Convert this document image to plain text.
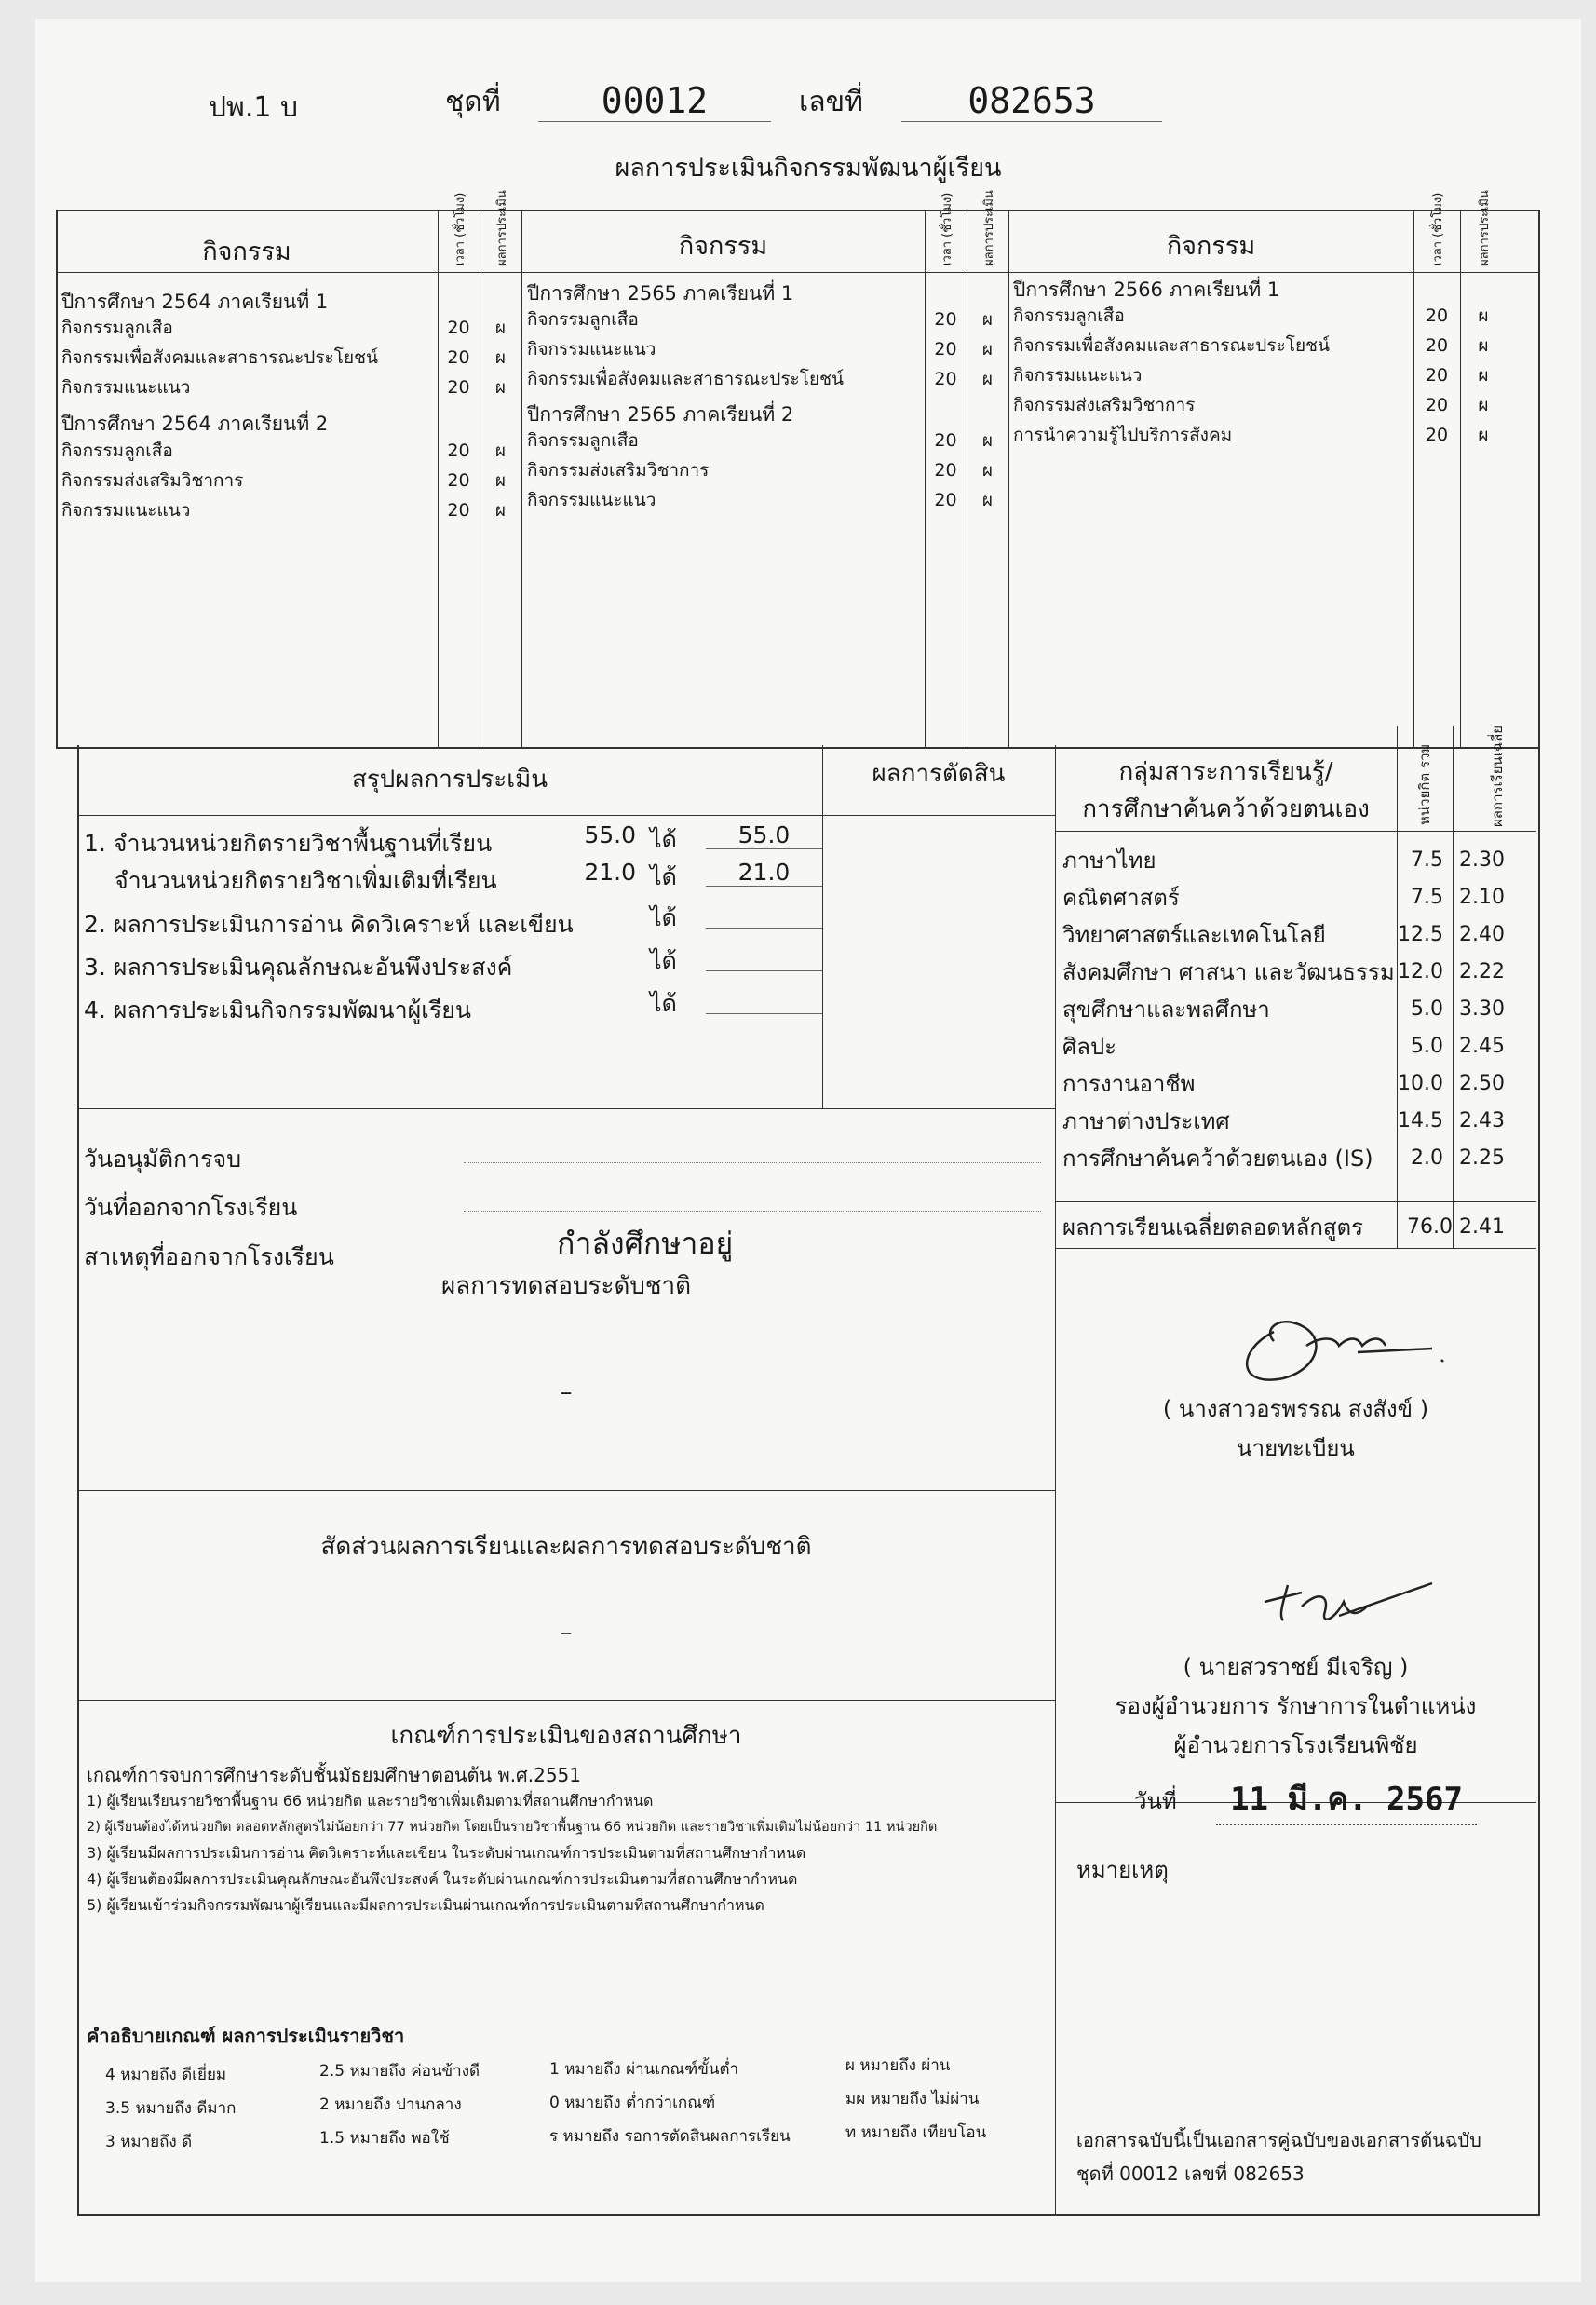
ปพ.1 บ	ชุดที่	00012	เลขที่	082653
ผลการประเมินกิจกรรมพัฒนาผู้เรียน
กิจกรรม	เวลา (ชั่วโมง) ผลการประเมิน	กิจกรรม	เวลา (ชั่วโมง) ผลการประเมิน	กิจกรรม	เวลา (ชั่วโมง)	ผลการประเมิน
ปีการศึกษา 2564 ภาคเรียนที่ 1
กิจกรรมลูกเสือ	20	ผ
กิจกรรมเพื่อสังคมและสาธารณะประโยชน์	20	ผ
กิจกรรมแนะแนว	20	ผ
ปีการศึกษา 2564 ภาคเรียนที่ 2
กิจกรรมลูกเสือ	20	ผ
กิจกรรมส่งเสริมวิชาการ	20	ผ
กิจกรรมแนะแนว	20	ผ
ปีการศึกษา 2565 ภาคเรียนที่ 1
กิจกรรมลูกเสือ	20	ผ
กิจกรรมแนะแนว	20	ผ
กิจกรรมเพื่อสังคมและสาธารณะประโยชน์	20	ผ
ปีการศึกษา 2565 ภาคเรียนที่ 2
กิจกรรมลูกเสือ	20	ผ
กิจกรรมส่งเสริมวิชาการ	20	ผ
กิจกรรมแนะแนว	20	ผ
ปีการศึกษา 2566 ภาคเรียนที่ 1
กิจกรรมลูกเสือ	20	ผ
กิจกรรมเพื่อสังคมและสาธารณะประโยชน์	20	ผ
กิจกรรมแนะแนว	20	ผ
กิจกรรมส่งเสริมวิชาการ	20	ผ
การนำความรู้ไปบริการสังคม	20	ผ
สรุปผลการประเมิน	ผลการตัดสิน
1. จำนวนหน่วยกิตรายวิชาพื้นฐานที่เรียน	55.0 ได้	55.0
จำนวนหน่วยกิตรายวิชาเพิ่มเติมที่เรียน	21.0 ได้	21.0
2. ผลการประเมินการอ่าน คิดวิเคราะห์ และเขียน	ได้
3. ผลการประเมินคุณลักษณะอันพึงประสงค์	ได้
4. ผลการประเมินกิจกรรมพัฒนาผู้เรียน	ได้
วันอนุมัติการจบ
วันที่ออกจากโรงเรียน
สาเหตุที่ออกจากโรงเรียน	กำลังศึกษาอยู่
กลุ่มสาระการเรียนรู้/
การศึกษาค้นคว้าด้วยตนเอง	หน่วยกิต รวม	ผลการเรียนเฉลี่ย
ภาษาไทย	7.5 2.30
คณิตศาสตร์	7.5 2.10
วิทยาศาสตร์และเทคโนโลยี	12.5 2.40
สังคมศึกษา ศาสนา และวัฒนธรรม 12.0 2.22
สุขศึกษาและพลศึกษา	5.0 3.30
ศิลปะ	5.0 2.45
การงานอาชีพ	10.0 2.50
ภาษาต่างประเทศ	14.5 2.43
การศึกษาค้นคว้าด้วยตนเอง (IS)	2.0 2.25
ผลการเรียนเฉลี่ยตลอดหลักสูตร	76.0 2.41
ผลการทดสอบระดับชาติ
–
สัดส่วนผลการเรียนและผลการทดสอบระดับชาติ
–
เกณฑ์การประเมินของสถานศึกษา
เกณฑ์การจบการศึกษาระดับชั้นมัธยมศึกษาตอนต้น พ.ศ.2551
1) ผู้เรียนเรียนรายวิชาพื้นฐาน 66 หน่วยกิต และรายวิชาเพิ่มเติมตามที่สถานศึกษากำหนด
2) ผู้เรียนต้องได้หน่วยกิต ตลอดหลักสูตรไม่น้อยกว่า 77 หน่วยกิต โดยเป็นรายวิชาพื้นฐาน 66 หน่วยกิต และรายวิชาเพิ่มเติมไม่น้อยกว่า 11 หน่วยกิต
3) ผู้เรียนมีผลการประเมินการอ่าน คิดวิเคราะห์และเขียน ในระดับผ่านเกณฑ์การประเมินตามที่สถานศึกษากำหนด
4) ผู้เรียนต้องมีผลการประเมินคุณลักษณะอันพึงประสงค์ ในระดับผ่านเกณฑ์การประเมินตามที่สถานศึกษากำหนด
5) ผู้เรียนเข้าร่วมกิจกรรมพัฒนาผู้เรียนและมีผลการประเมินผ่านเกณฑ์การประเมินตามที่สถานศึกษากำหนด
คำอธิบายเกณฑ์ ผลการประเมินรายวิชา
4 หมายถึง ดีเยี่ยม
3.5 หมายถึง ดีมาก
3 หมายถึง ดี
2.5 หมายถึง ค่อนข้างดี
2 หมายถึง ปานกลาง
1.5 หมายถึง พอใช้
1 หมายถึง ผ่านเกณฑ์ขั้นต่ำ
0 หมายถึง ต่ำกว่าเกณฑ์
ร หมายถึง รอการตัดสินผลการเรียน
ผ หมายถึง ผ่าน
มผ หมายถึง ไม่ผ่าน
ท หมายถึง เทียบโอน
( นางสาวอรพรรณ สงสังข์ )
นายทะเบียน
( นายสวราชย์ มีเจริญ )
รองผู้อำนวยการ รักษาการในตำแหน่ง
ผู้อำนวยการโรงเรียนพิชัย
วันที่	11 มี.ค. 2567
หมายเหตุ
เอกสารฉบับนี้เป็นเอกสารคู่ฉบับของเอกสารต้นฉบับ
ชุดที่ 00012 เลขที่ 082653
